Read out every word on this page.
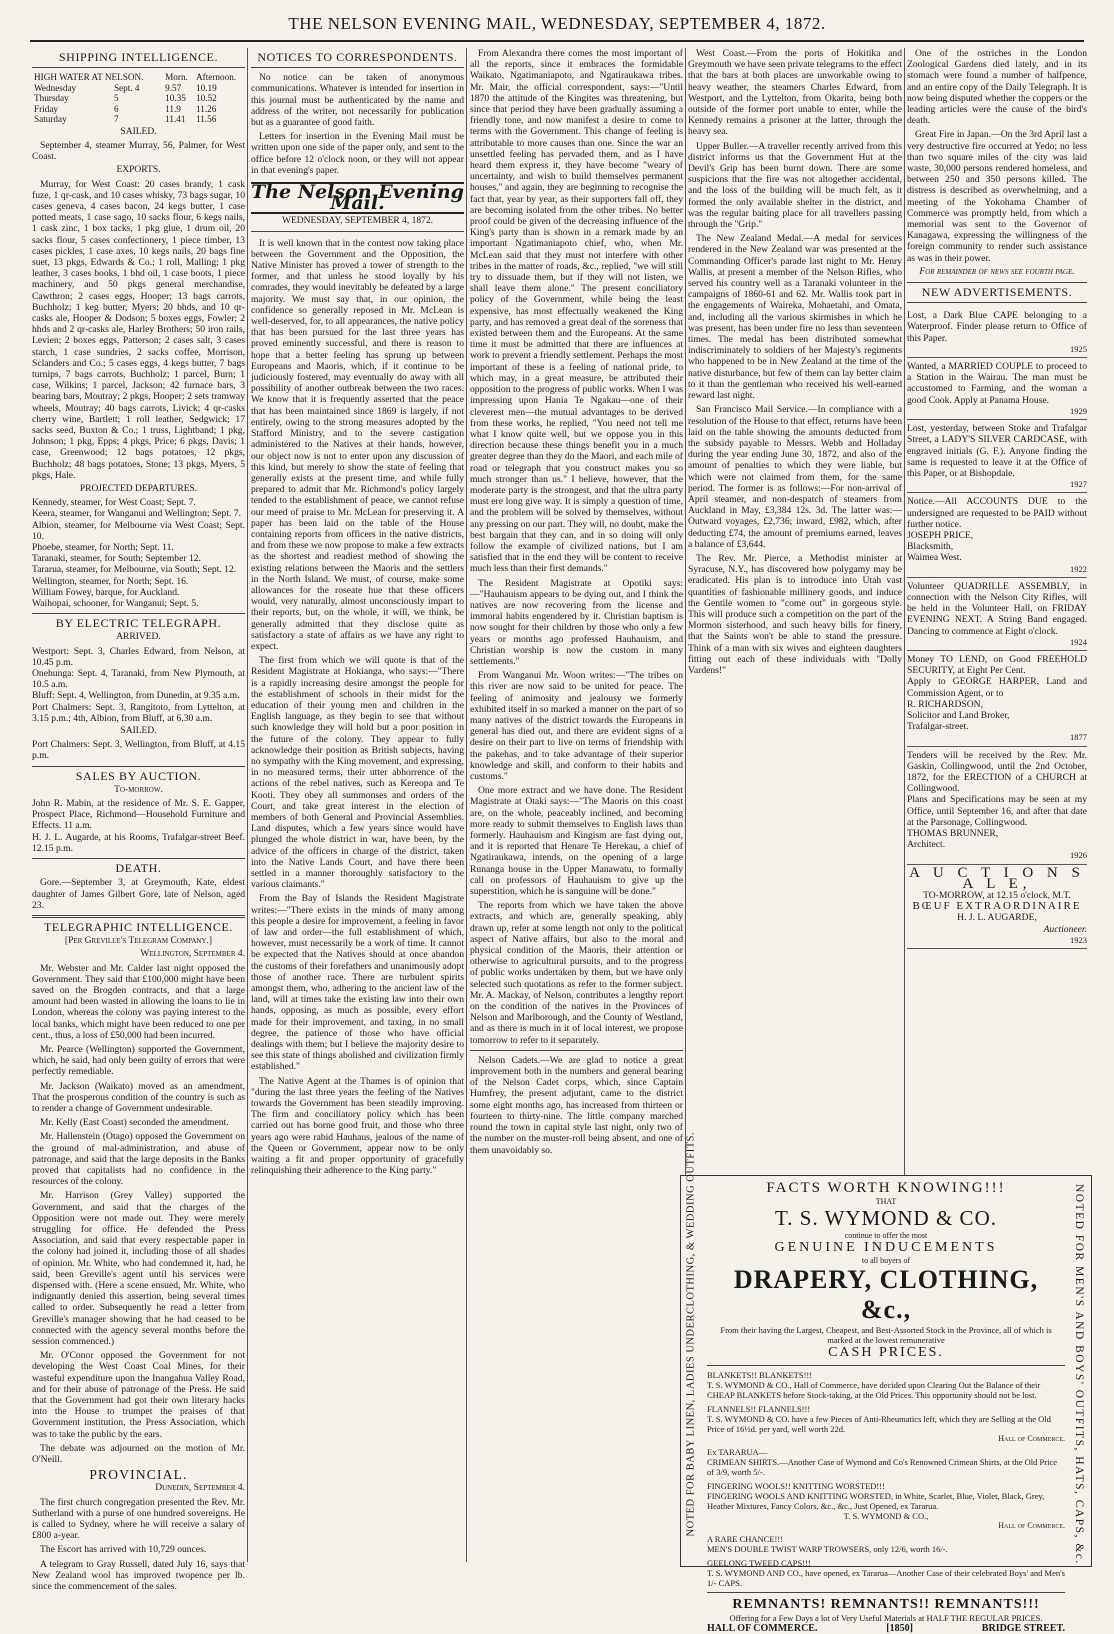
THE NELSON EVENING MAIL, WEDNESDAY, SEPTEMBER 4, 1872.
SHIPPING INTELLIGENCE.
HIGH WATER AT NELSON.		Morn.	Afternoon.
Wednesday	Sept. 4	9.57	10.19
Thursday	5	10.35	10.52
Friday	6	11.9	11.26
Saturday	7	11.41	11.56
SAILED.

September 4, steamer Murray, 56, Palmer, for West Coast.

EXPORTS.

Murray, for West Coast: 20 cases brandy, 1 cask fuze, 1 qr-cask, and 10 cases whisky, 73 bags sugar, 10 cases geneva, 4 cases bacon, 24 kegs butter, 1 case potted meats, 1 case sago, 10 sacks flour, 6 kegs nails, 1 cask zinc, 1 box tacks, 1 pkg glue, 1 drum oil, 20 sacks flour, 5 cases confectionery, 1 piece timber, 13 cases pickles, 1 case axes, 10 kegs nails, 20 bags fine suet, 13 pkgs, Edwards & Co.; 1 roll, Malling; 1 pkg leather, 3 cases books, 1 bhd oil, 1 case boots, 1 piece machinery, and 50 pkgs general merchandise, Cawthron; 2 cases eggs, Hooper; 13 bags carrots, Buchholz; 1 keg butter, Myers; 20 bhds, and 10 qr-casks ale, Hooper & Dodson; 5 boxes eggs, Fowler; 2 hhds and 2 qr-casks ale, Harley Brothers; 50 iron rails, Levien; 2 boxes eggs, Patterson; 2 cases salt, 3 cases starch, 1 case sundries, 2 sacks coffee, Morrison, Sclanders and Co.; 5 cases eggs, 4 kegs butter, 7 bags turnips, 7 bags carrots, Buchholz; 1 parcel, Burn; 1 case, Wilkins; 1 parcel, Jackson; 42 furnace bars, 3 bearing bars, Moutray; 2 pkgs, Hooper; 2 sets tramway wheels, Moutray; 40 bags carrots, Livick; 4 qr-casks cherry wine, Bartlett; 1 roll leather, Sedgwick; 17 sacks seed, Buxton & Co.; 1 truss, Lightband; 1 pkg, Johnson; 1 pkg, Epps; 4 pkgs, Price; 6 pkgs, Davis; 1 case, Greenwood; 12 bags potatoes, 12 pkgs, Buchholz; 48 bags potatoes, Stone; 13 pkgs, Myers, 5 pkgs, Hale.

PROJECTED DEPARTURES.
Kennedy, steamer, for West Coast; Sept. 7.
Keera, steamer, for Wanganui and Wellington; Sept. 7.
Albion, steamer, for Melbourne via West Coast; Sept. 10.
Phoebe, steamer, for North; Sept. 11.
Taranaki, steamer, for South; September 12.
Tararua, steamer, for Melbourne, via South; Sept. 12.
Wellington, steamer, for North; Sept. 16.
William Fowey, barque, for Auckland.
Waihopai, schooner, for Wanganui; Sept. 5.
BY ELECTRIC TELEGRAPH.
ARRIVED.
Westport: Sept. 3, Charles Edward, from Nelson, at 10.45 p.m.
Onehunga: Sept. 4, Taranaki, from New Plymouth, at 10.5 a.m.
Bluff: Sept. 4, Wellington, from Dunedin, at 9.35 a.m.
Port Chalmers: Sept. 3, Rangitoto, from Lyttelton, at 3.15 p.m.; 4th, Albion, from Bluff, at 6.30 a.m.
SAILED.
Port Chalmers: Sept. 3, Wellington, from Bluff, at 4.15 p.m.
SALES BY AUCTION.
To-morrow.
John R. Mabin, at the residence of Mr. S. E. Gapper, Prospect Place, Richmond—Household Furniture and Effects. 11 a.m.
H. J. L. Augarde, at his Rooms, Trafalgar-street Beef. 12.15 p.m.
DEATH.

Gore.—September 3, at Greymouth, Kate, eldest daughter of James Gilbert Gore, late of Nelson, aged 23.

TELEGRAPHIC INTELLIGENCE.
[Per Greville's Telegram Company.]
Wellington, September 4.

Mr. Webster and Mr. Calder last night opposed the Government. They said that £100,000 might have been saved on the Brogden contracts, and that a large amount had been wasted in allowing the loans to lie in London, whereas the colony was paying interest to the local banks, which might have been reduced to one per cent., thus, a loss of £50,000 had been incurred.

Mr. Pearce (Wellington) supported the Government, which, he said, had only been guilty of errors that were perfectly remediable.

Mr. Jackson (Waikato) moved as an amendment, That the prosperous condition of the country is such as to render a change of Government undesirable.

Mr. Kelly (East Coast) seconded the amendment.

Mr. Hallenstein (Otago) opposed the Government on the ground of mal-administration, and abuse of patronage, and said that the large deposits in the Banks proved that capitalists had no confidence in the resources of the colony.

Mr. Harrison (Grey Valley) supported the Government, and said that the charges of the Opposition were not made out. They were merely struggling for office. He defended the Press Association, and said that every respectable paper in the colony had joined it, including those of all shades of opinion. Mr. White, who had condemned it, had, he said, been Greville's agent until his services were dispensed with. (Here a scene ensued, Mr. White, who indignantly denied this assertion, being several times called to order. Subsequently he read a letter from Greville's manager showing that he had ceased to be connected with the agency several months before the session commenced.)

Mr. O'Conor opposed the Government for not developing the West Coast Coal Mines, for their wasteful expenditure upon the Inangahua Valley Road, and for their abuse of patronage of the Press. He said that the Government had got their own literary hacks into the House to trumpet the praises of that Government institution, the Press Association, which was to take the public by the ears.

The debate was adjourned on the motion of Mr. O'Neill.

PROVINCIAL.
Dunedin, September 4.

The first church congregation presented the Rev. Mr. Sutherland with a purse of one hundred sovereigns. He is called to Sydney, where he will receive a salary of £800 a-year.

The Escort has arrived with 10,729 ounces.

A telegram to Gray Russell, dated July 16, says that New Zealand wool has improved twopence per lb. since the commencement of the sales.

NOTICES TO CORRESPONDENTS.

No notice can be taken of anonymous communications. Whatever is intended for insertion in this journal must be authenticated by the name and address of the writer, not necessarily for publication but as a guarantee of good faith.

Letters for insertion in the Evening Mail must be written upon one side of the paper only, and sent to the office before 12 o'clock noon, or they will not appear in that evening's paper.

The Nelson Evening Mail.
WEDNESDAY, SEPTEMBER 4, 1872.

It is well known that in the contest now taking place between the Government and the Opposition, the Native Minister has proved a tower of strength to the former, and that unless he stood loyally by his comrades, they would inevitably be defeated by a large majority. We must say that, in our opinion, the confidence so generally reposed in Mr. McLean is well-deserved, for, to all appearances, the native policy that has been pursued for the last three years has proved eminently successful, and there is reason to hope that a better feeling has sprung up between Europeans and Maoris, which, if it continue to be judiciously fostered, may eventually do away with all possibility of another outbreak between the two races. We know that it is frequently asserted that the peace that has been maintained since 1869 is largely, if not entirely, owing to the strong measures adopted by the Stafford Ministry, and to the severe castigation administered to the Natives at their hands, however, our object now is not to enter upon any discussion of this kind, but merely to show the state of feeling that generally exists at the present time, and while fully prepared to admit that Mr. Richmond's policy largely tended to the establishment of peace, we cannot refuse our meed of praise to Mr. McLean for preserving it. A paper has been laid on the table of the House containing reports from officers in the native districts, and from these we now propose to make a few extracts as the shortest and readiest method of showing the existing relations between the Maoris and the settlers in the North Island. We must, of course, make some allowances for the roseate hue that these officers would, very naturally, almost unconsciously impart to their reports, but, on the whole, it will, we think, be generally admitted that they disclose quite as satisfactory a state of affairs as we have any right to expect.

The first from which we will quote is that of the Resident Magistrate at Hokianga, who says:—"There is a rapidly increasing desire amongst the people for the establishment of schools in their midst for the education of their young men and children in the English language, as they begin to see that without such knowledge they will hold but a poor position in the future of the colony. They appear to fully acknowledge their position as British subjects, having no sympathy with the King movement, and expressing, in no measured terms, their utter abhorrence of the actions of the rebel natives, such as Kereopa and Te Kooti. They obey all summonses and orders of the Court, and take great interest in the election of members of both General and Provincial Assemblies. Land disputes, which a few years since would have plunged the whole district in war, have been, by the advice of the officers in charge of the district, taken into the Native Lands Court, and have there been settled in a manner thoroughly satisfactory to the various claimants."

From the Bay of Islands the Resident Magistrate writes:—"There exists in the minds of many among this people a desire for improvement, a feeling in favor of law and order—the full establishment of which, however, must necessarily be a work of time. It cannot be expected that the Natives should at once abandon the customs of their forefathers and unanimously adopt those of another race. There are turbulent spirits amongst them, who, adhering to the ancient law of the land, will at times take the existing law into their own hands, opposing, as much as possible, every effort made for their improvement, and taxing, in no small degree, the patience of those who have official dealings with them; but I believe the majority desire to see this state of things abolished and civilization firmly established."

The Native Agent at the Thames is of opinion that "during the last three years the feeling of the Natives towards the Government has been steadily improving. The firm and conciliatory policy which has been carried out has borne good fruit, and those who three years ago were rabid Hauhaus, jealous of the name of the Queen or Government, appear now to be only waiting a fit and proper opportunity of gracefully relinquishing their adherence to the King party."

From Alexandra there comes the most important of all the reports, since it embraces the formidable Waikato, Ngatimaniapoto, and Ngatiraukawa tribes. Mr. Mair, the official correspondent, says:—"Until 1870 the attitude of the Kingites was threatening, but since that period they have been gradually assuming a friendly tone, and now manifest a desire to come to terms with the Government. This change of feeling is attributable to more causes than one. Since the war an unsettled feeling has pervaded them, and as I have heard them express it, they have become "weary of uncertainty, and wish to build themselves permanent houses," and again, they are beginning to recognise the fact that, year by year, as their supporters fall off, they are becoming isolated from the other tribes. No better proof could be given of the decreasing influence of the King's party than is shown in a remark made by an important Ngatimaniapoto chief, who, when Mr. McLean said that they must not interfere with other tribes in the matter of roads, &c., replied, "we will still try to dissuade them, but if they will not listen, we shall leave them alone." The present conciliatory policy of the Government, while being the least expensive, has most effectually weakened the King party, and has removed a great deal of the soreness that existed between them and the Europeans. At the same time it must be admitted that there are influences at work to prevent a friendly settlement. Perhaps the most important of these is a feeling of national pride, to which may, in a great measure, be attributed their opposition to the progress of public works. When I was impressing upon Hania Te Ngakau—one of their cleverest men—the mutual advantages to be derived from these works, he replied, "You need not tell me what I know quite well, but we oppose you in this direction because these things benefit you in a much greater degree than they do the Maori, and each mile of road or telegraph that you construct makes you so much stronger than us." I believe, however, that the moderate party is the strongest, and that the ultra party must ere long give way. It is simply a question of time, and the problem will be solved by themselves, without any pressing on our part. They will, no doubt, make the best bargain that they can, and in so doing will only follow the example of civilized nations, but I am satisfied that in the end they will be content to receive much less than their first demands."

The Resident Magistrate at Opotiki says:—"Hauhauism appears to be dying out, and I think the natives are now recovering from the license and immoral habits engendered by it. Christian baptism is now sought for their children by those who only a few years or months ago professed Hauhauism, and Christian worship is now the custom in many settlements."

From Wanganui Mr. Woon writes:—"The tribes on this river are now said to be united for peace. The feeling of animosity and jealousy we formerly exhibited itself in so marked a manner on the part of so many natives of the district towards the Europeans in general has died out, and there are evident signs of a desire on their part to live on terms of friendship with the pakehas, and to take advantage of their superior knowledge and skill, and conform to their habits and customs."

One more extract and we have done. The Resident Magistrate at Otaki says:—"The Maoris on this coast are, on the whole, peaceably inclined, and becoming more ready to submit themselves to English laws than formerly. Hauhauism and Kingism are fast dying out, and it is reported that Henare Te Herekau, a chief of Ngatiraukawa, intends, on the opening of a large Runanga house in the Upper Manawatu, to formally call on professors of Hauhauism to give up the superstition, which he is sanguine will be done."

The reports from which we have taken the above extracts, and which are, generally speaking, ably drawn up, refer at some length not only to the political aspect of Native affairs, but also to the moral and physical condition of the Maoris, their attention or otherwise to agricultural pursuits, and to the progress of public works undertaken by them, but we have only selected such quotations as refer to the former subject. Mr. A. Mackay, of Nelson, contributes a lengthy report on the condition of the natives in the Provinces of Nelson and Marlborough, and the County of Westland, and as there is much in it of local interest, we propose tomorrow to refer to it separately.

Nelson Cadets.—We are glad to notice a great improvement both in the numbers and general bearing of the Nelson Cadet corps, which, since Captain Humfrey, the present adjutant, came to the district some eight months ago, has increased from thirteen or fourteen to thirty-nine. The little company marched round the town in capital style last night, only two of the number on the muster-roll being absent, and one of them unavoidably so.

West Coast.—From the ports of Hokitika and Greymouth we have seen private telegrams to the effect that the bars at both places are unworkable owing to heavy weather, the steamers Charles Edward, from Westport, and the Lyttelton, from Okarita, being both outside of the former port unable to enter, while the Kennedy remains a prisoner at the latter, through the heavy sea.

Upper Buller.—A traveller recently arrived from this district informs us that the Government Hut at the Devil's Grip has been burnt down. There are some suspicions that the fire was not altogether accidental, and the loss of the building will be much felt, as it formed the only available shelter in the district, and was the regular baiting place for all travellers passing through the "Grip."

The New Zealand Medal.—A medal for services rendered in the New Zealand war was presented at the Commanding Officer's parade last night to Mr. Henry Wallis, at present a member of the Nelson Rifles, who served his country well as a Taranaki volunteer in the campaigns of 1860-61 and 62. Mr. Wallis took part in the engagements of Waireka, Mohaetahi, and Omata, and, including all the various skirmishes in which he was present, has been under fire no less than seventeen times. The medal has been distributed somewhat indiscriminately to soldiers of her Majesty's regiments who happened to be in New Zealand at the time of the native disturbance, but few of them can lay better claim to it than the gentleman who received his well-earned reward last night.

San Francisco Mail Service.—In compliance with a resolution of the House to that effect, returns have been laid on the table showing the amounts deducted from the subsidy payable to Messrs. Webb and Holladay during the year ending June 30, 1872, and also of the amount of penalties to which they were liable, but which were not claimed from them, for the same period. The former is as follows:—For non-arrival of April steamer, and non-despatch of steamers from Auckland in May, £3,384 12s. 3d. The latter was:—Outward voyages, £2,736; inward, £982, which, after deducting £74, the amount of premiums earned, leaves a balance of £3,644.

The Rev. Mr. Pierce, a Methodist minister at Syracuse, N.Y., has discovered how polygamy may be eradicated. His plan is to introduce into Utah vast quantities of fashionable millinery goods, and induce the Gentile women to "come out" in gorgeous style. This will produce such a competition on the part of the Mormon sisterhood, and such heavy bills for finery, that the Saints won't be able to stand the pressure. Think of a man with six wives and eighteen daughters fitting out each of these individuals with "Dolly Vardens!"

One of the ostriches in the London Zoological Gardens died lately, and in its stomach were found a number of halfpence, and an entire copy of the Daily Telegraph. It is now being disputed whether the coppers or the leading articles were the cause of the bird's death.

Great Fire in Japan.—On the 3rd April last a very destructive fire occurred at Yedo; no less than two square miles of the city was laid waste, 30,000 persons rendered homeless, and between 250 and 350 persons killed. The distress is described as overwhelming, and a meeting of the Yokohama Chamber of Commerce was promptly held, from which a memorial was sent to the Governor of Kanagawa, expressing the willingness of the foreign community to render such assistance as was in their power.

For remainder of news see fourth page.
NEW ADVERTISEMENTS.
Lost, a Dark Blue CAPE belonging to a Waterproof. Finder please return to Office of this Paper.
1925
Wanted, a MARRIED COUPLE to proceed to a Station in the Wairau. The man must be accustomed to Farming, and the woman a good Cook. Apply at Panama House.
1929
Lost, yesterday, between Stoke and Trafalgar Street, a LADY'S SILVER CARDCASE, with engraved initials (G. F.). Anyone finding the same is requested to leave it at the Office of this Paper, or at Bishopdale.
1927
Notice.—All ACCOUNTS DUE to the undersigned are requested to be PAID without further notice.
JOSEPH PRICE,
Blacksmith,
Waimea West.
1922
Volunteer QUADRILLE ASSEMBLY, in connection with the Nelson City Rifles, will be held in the Volunteer Hall, on FRIDAY EVENING NEXT. A String Band engaged. Dancing to commence at Eight o'clock.
1924
Money TO LEND, on Good FREEHOLD SECURITY, at Eight Per Cent.
Apply to GEORGE HARPER, Land and Commission Agent, or to
R. RICHARDSON,
Solicitor and Land Broker,
Trafalgar-street.
1877
Tenders will be received by the Rev. Mr. Gaskin, Collingwood, until the 2nd October, 1872, for the ERECTION of a CHURCH at Collingwood.
Plans and Specifications may be seen at my Office, until September 16, and after that date at the Parsonage, Collingwood.
THOMAS BRUNNER,
Architect.
1926
A U C T I O N S A L E,
TO-MORROW, at 12.15 o'clock, M.T.
BŒUF EXTRAORDINAIRE
H. J. L. AUGARDE,
Auctioneer.
1923
NOTED FOR BABY LINEN, LADIES UNDERCLOTHING, & WEDDING OUTFITS.	NOTED FOR MEN'S AND BOYS' OUTFITS, HATS, CAPS, &c.
FACTS WORTH KNOWING!!!
THAT
T. S. WYMOND & CO.
continue to offer the most
GENUINE INDUCEMENTS
to all buyers of
DRAPERY, CLOTHING, &c.,
From their having the Largest, Cheapest, and Best-Assorted Stock in the Province, all of which is marked at the lowest remunerative
CASH PRICES.
BLANKETS!! BLANKETS!!!
T. S. WYMOND & CO., Hall of Commerce, have decided upon Clearing Out the Balance of their CHEAP BLANKETS before Stock-taking, at the Old Prices. This opportunity should not be lost.
FLANNELS!! FLANNELS!!!
T. S. WYMOND & CO. have a few Pieces of Anti-Rheumatics left, which they are Selling at the Old Price of 16½d. per yard, well worth 22d.
Hall of Commerce.
Ex TARARUA—
CRIMEAN SHIRTS.—Another Case of Wymond and Co's Renowned Crimean Shirts, at the Old Price of 3/9, worth 5/-.
FINGERING WOOLS!! KNITTING WORSTED!!!
FINGERING WOOLS AND KNITTING WORSTED, in White, Scarlet, Blue, Violet, Black, Grey, Heather Mixtures, Fancy Colors, &c., &c., Just Opened, ex Tararua.
T. S. WYMOND & CO.,
Hall of Commerce.
A RARE CHANCE!!!
MEN'S DOUBLE TWIST WARP TROWSERS, only 12/6, worth 16/-.
GEELONG TWEED CAPS!!!
T. S. WYMOND AND CO., have opened, ex Tararua—Another Case of their celebrated Boys' and Men's 1/- CAPS.
REMNANTS! REMNANTS!! REMNANTS!!!
Offering for a Few Days a lot of Very Useful Materials at HALF THE REGULAR PRICES.
HALL OF COMMERCE.	[1850]	BRIDGE STREET.
